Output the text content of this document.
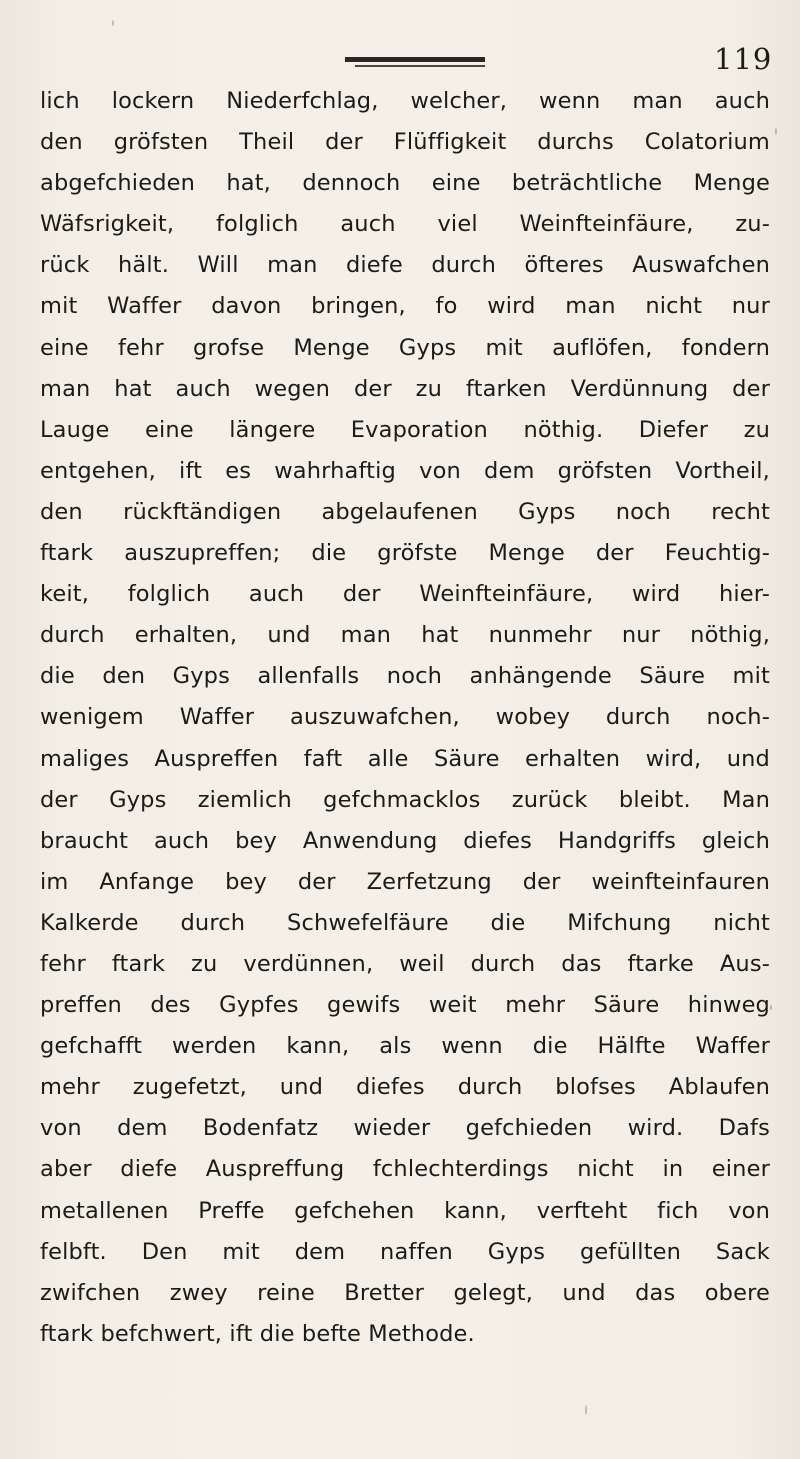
119
lich lockern Niederfchlag, welcher, wenn man auch
den gröfsten Theil der Flüffigkeit durchs Colatorium
abgefchieden hat, dennoch eine beträchtliche Menge
Wäfsrigkeit, folglich auch viel Weinfteinfäure, zu-
rück hält. Will man diefe durch öfteres Auswafchen
mit Waffer davon bringen, fo wird man nicht nur
eine fehr grofse Menge Gyps mit auflöfen, fondern
man hat auch wegen der zu ftarken Verdünnung der
Lauge eine längere Evaporation nöthig. Diefer zu
entgehen, ift es wahrhaftig von dem gröfsten Vortheil,
den rückftändigen abgelaufenen Gyps noch recht
ftark auszupreffen; die gröfste Menge der Feuchtig-
keit, folglich auch der Weinfteinfäure, wird hier-
durch erhalten, und man hat nunmehr nur nöthig,
die den Gyps allenfalls noch anhängende Säure mit
wenigem Waffer auszuwafchen, wobey durch noch-
maliges Auspreffen faft alle Säure erhalten wird, und
der Gyps ziemlich gefchmacklos zurück bleibt. Man
braucht auch bey Anwendung diefes Handgriffs gleich
im Anfange bey der Zerfetzung der weinfteinfauren
Kalkerde durch Schwefelfäure die Mifchung nicht
fehr ftark zu verdünnen, weil durch das ftarke Aus-
preffen des Gypfes gewifs weit mehr Säure hinweg
gefchafft werden kann, als wenn die Hälfte Waffer
mehr zugefetzt, und diefes durch blofses Ablaufen
von dem Bodenfatz wieder gefchieden wird. Dafs
aber diefe Auspreffung fchlechterdings nicht in einer
metallenen Preffe gefchehen kann, verfteht fich von
felbft. Den mit dem naffen Gyps gefüllten Sack
zwifchen zwey reine Bretter gelegt, und das obere
ftark befchwert, ift die befte Methode.
